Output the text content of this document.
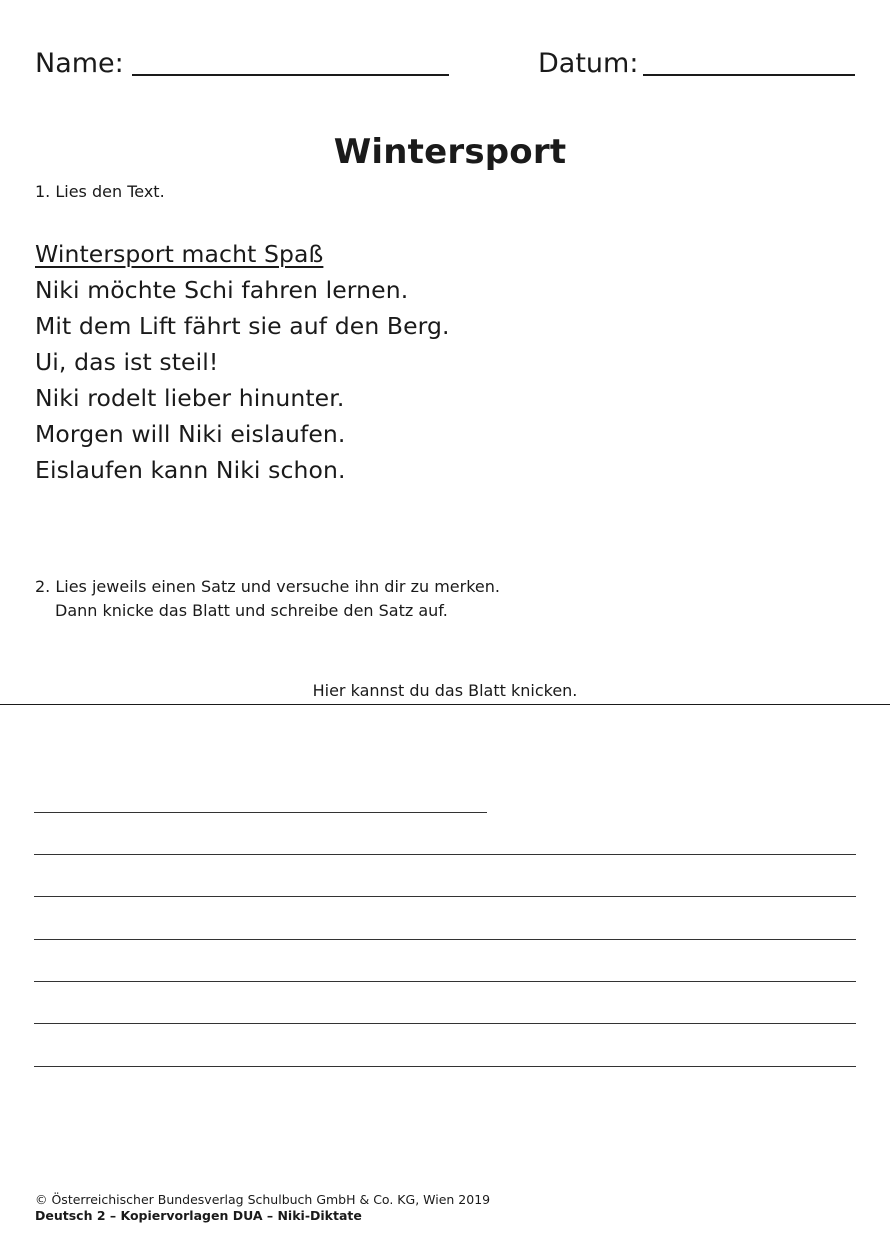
Name:	Datum:
Wintersport
1. Lies den Text.
Wintersport macht Spaß
Niki möchte Schi fahren lernen.
Mit dem Lift fährt sie auf den Berg.
Ui, das ist steil!
Niki rodelt lieber hinunter.
Morgen will Niki eislaufen.
Eislaufen kann Niki schon.
2. Lies jeweils einen Satz und versuche ihn dir zu merken.
Dann knicke das Blatt und schreibe den Satz auf.
Hier kannst du das Blatt knicken.
© Österreichischer Bundesverlag Schulbuch GmbH & Co. KG, Wien 2019
Deutsch 2 – Kopiervorlagen DUA – Niki-Diktate
